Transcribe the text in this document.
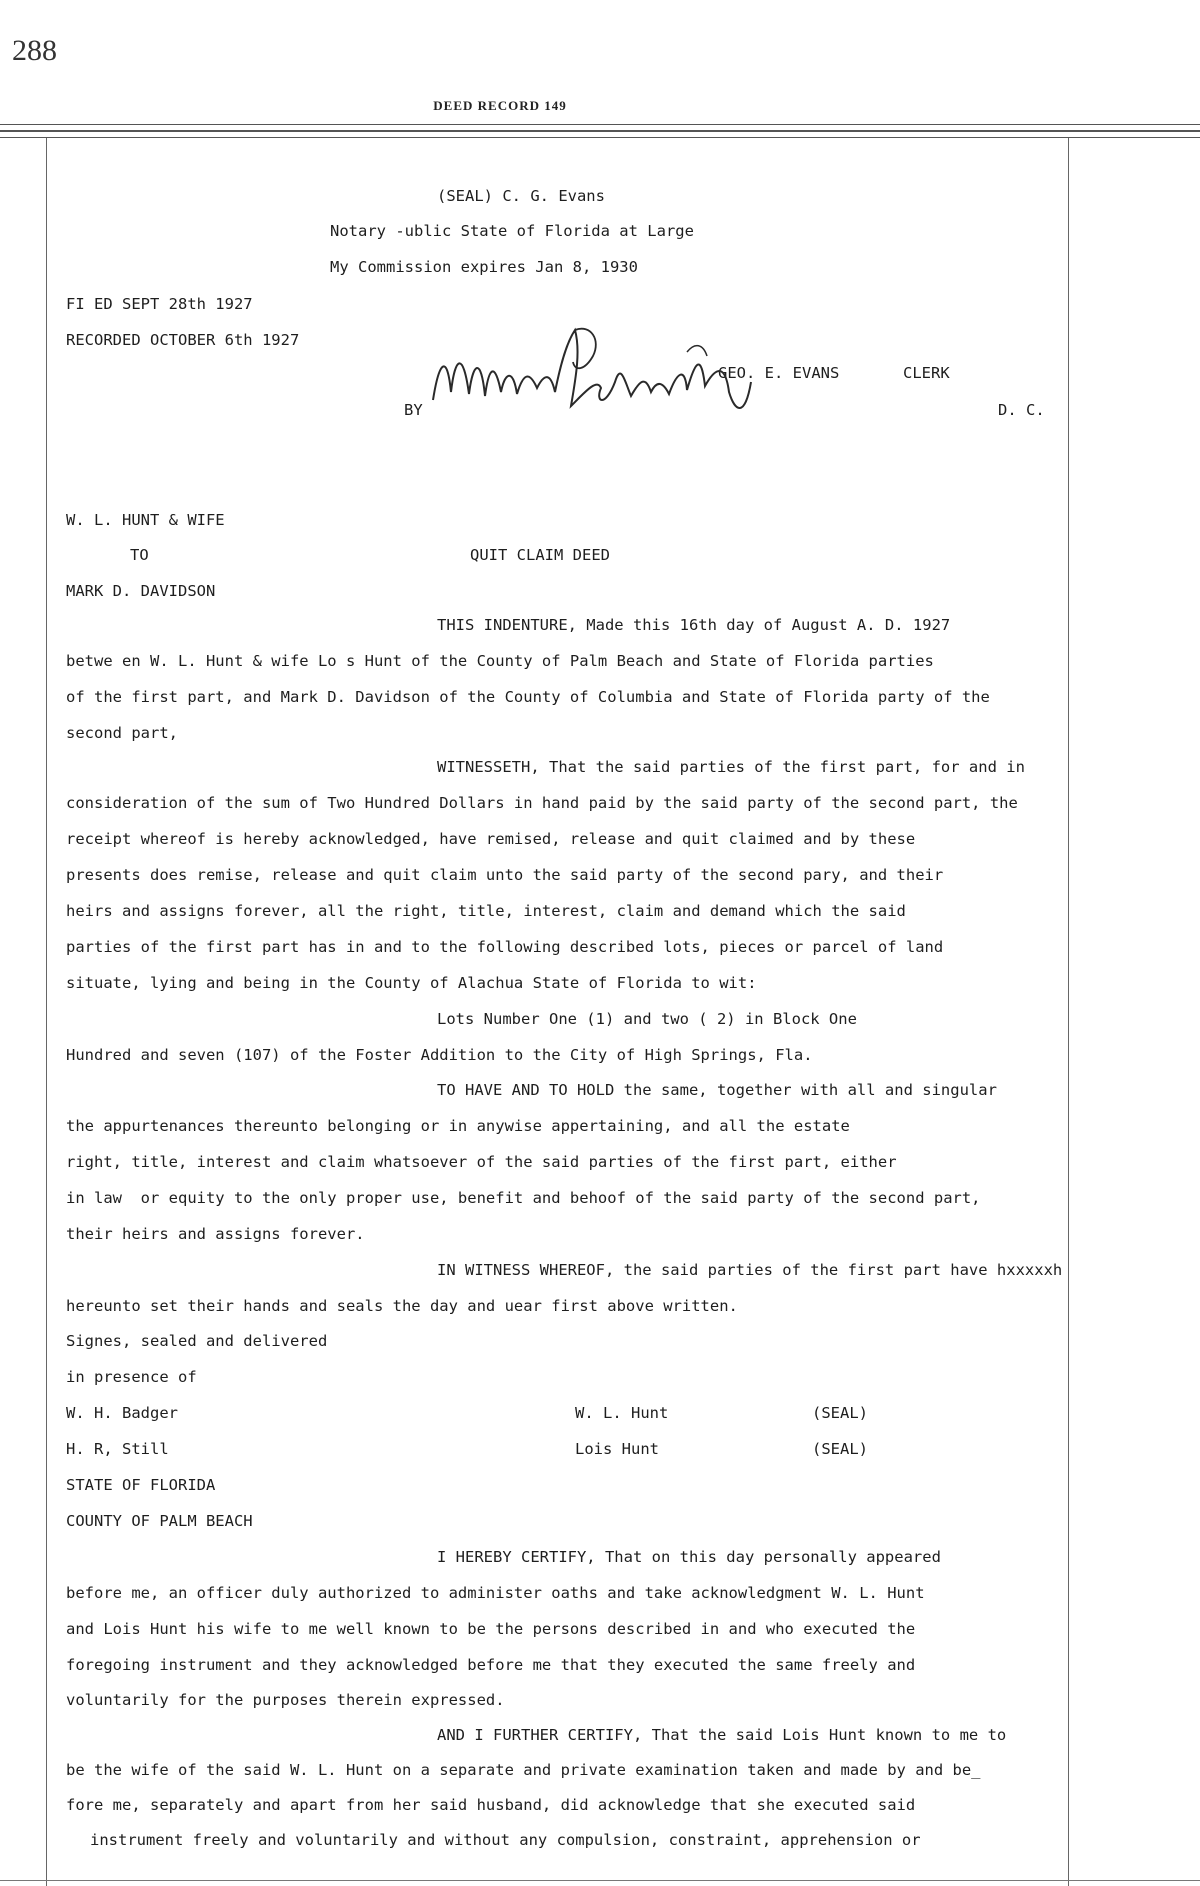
288
DEED RECORD 149
(SEAL) C. G. Evans
Notary -ublic State of Florida at Large
My Commission expires Jan 8, 1930
FI ED SEPT 28th 1927
RECORDED OCTOBER 6th 1927
GEO. E. EVANS	CLERK
BY	D. C.
W. L. HUNT & WIFE
TO	QUIT CLAIM DEED
MARK D. DAVIDSON
THIS INDENTURE, Made this 16th day of August A. D. 1927
betwe en W. L. Hunt & wife Lo s Hunt of the County of Palm Beach and State of Florida parties
of the first part, and Mark D. Davidson of the County of Columbia and State of Florida party of the
second part,
WITNESSETH, That the said parties of the first part, for and in
consideration of the sum of Two Hundred Dollars in hand paid by the said party of the second part, the
receipt whereof is hereby acknowledged, have remised, release and quit claimed and by these
presents does remise, release and quit claim unto the said party of the second pary, and their
heirs and assigns forever, all the right, title, interest, claim and demand which the said
parties of the first part has in and to the following described lots, pieces or parcel of land
situate, lying and being in the County of Alachua State of Florida to wit:
Lots Number One (1) and two ( 2) in Block One
Hundred and seven (107) of the Foster Addition to the City of High Springs, Fla.
TO HAVE AND TO HOLD the same, together with all and singular
the appurtenances thereunto belonging or in anywise appertaining, and all the estate
right, title, interest and claim whatsoever of the said parties of the first part, either
in law  or equity to the only proper use, benefit and behoof of the said party of the second part,
their heirs and assigns forever.
IN WITNESS WHEREOF, the said parties of the first part have hxxxxxh
hereunto set their hands and seals the day and uear first above written.
Signes, sealed and delivered
in presence of
W. H. Badger	W. L. Hunt	(SEAL)
H. R, Still	Lois Hunt	(SEAL)
STATE OF FLORIDA
COUNTY OF PALM BEACH
I HEREBY CERTIFY, That on this day personally appeared
before me, an officer duly authorized to administer oaths and take acknowledgment W. L. Hunt
and Lois Hunt his wife to me well known to be the persons described in and who executed the
foregoing instrument and they acknowledged before me that they executed the same freely and
voluntarily for the purposes therein expressed.
AND I FURTHER CERTIFY, That the said Lois Hunt known to me to
be the wife of the said W. L. Hunt on a separate and private examination taken and made by and be_
fore me, separately and apart from her said husband, did acknowledge that she executed said
instrument freely and voluntarily and without any compulsion, constraint, apprehension or
